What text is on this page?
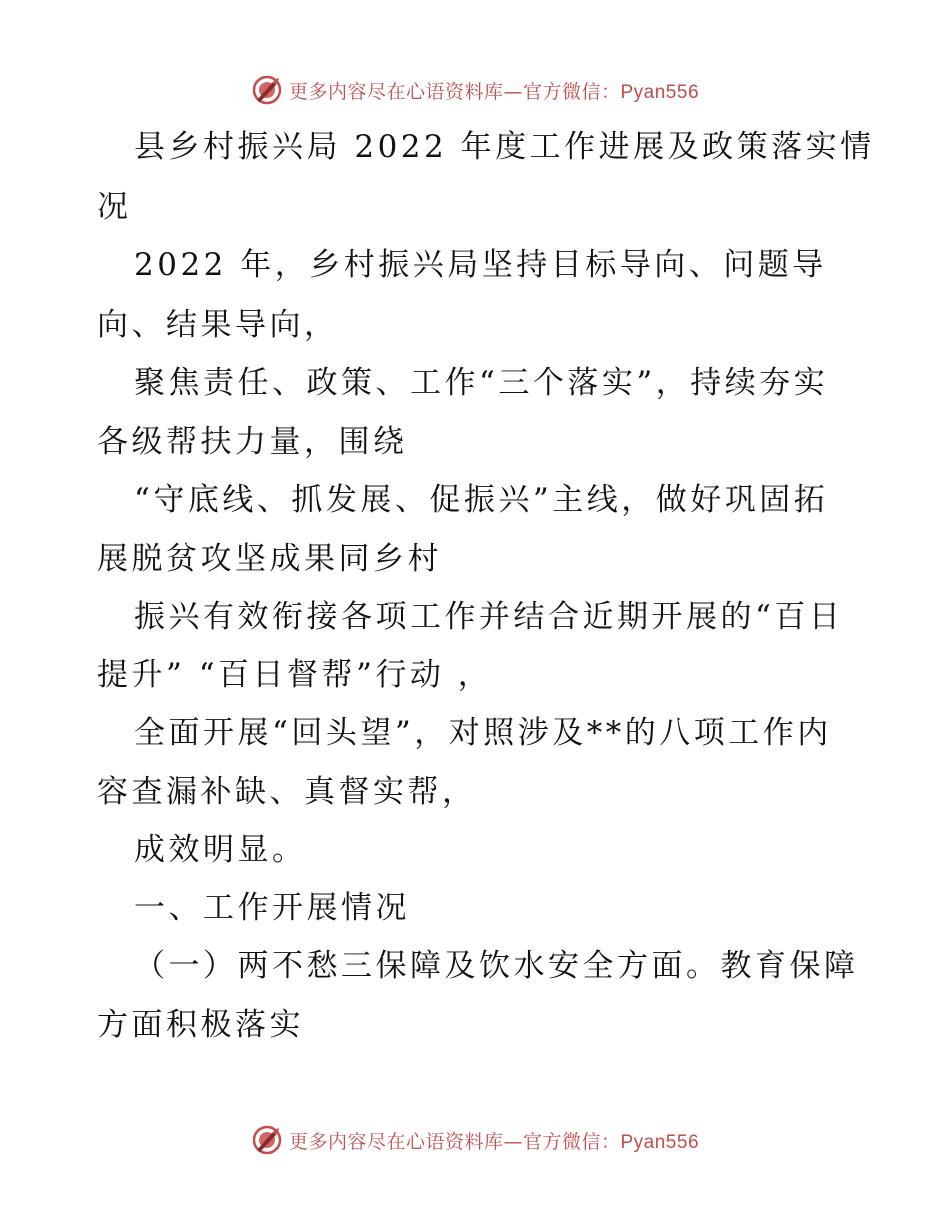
更多内容尽在心语资料库—官方微信：Pyan556
县乡村振兴局 2022 年度工作进展及政策落实情
况
2022 年，乡村振兴局坚持目标导向、问题导
向、结果导向，
聚焦责任、政策、工作“三个落实”，持续夯实
各级帮扶力量，围绕
“守底线、抓发展、促振兴”主线，做好巩固拓
展脱贫攻坚成果同乡村
振兴有效衔接各项工作并结合近期开展的“百日
提升” “百日督帮”行动 ，
全面开展“回头望”，对照涉及**的八项工作内
容查漏补缺、真督实帮，
成效明显。
一、工作开展情况
（一）两不愁三保障及饮水安全方面。教育保障
方面积极落实
更多内容尽在心语资料库—官方微信：Pyan556
